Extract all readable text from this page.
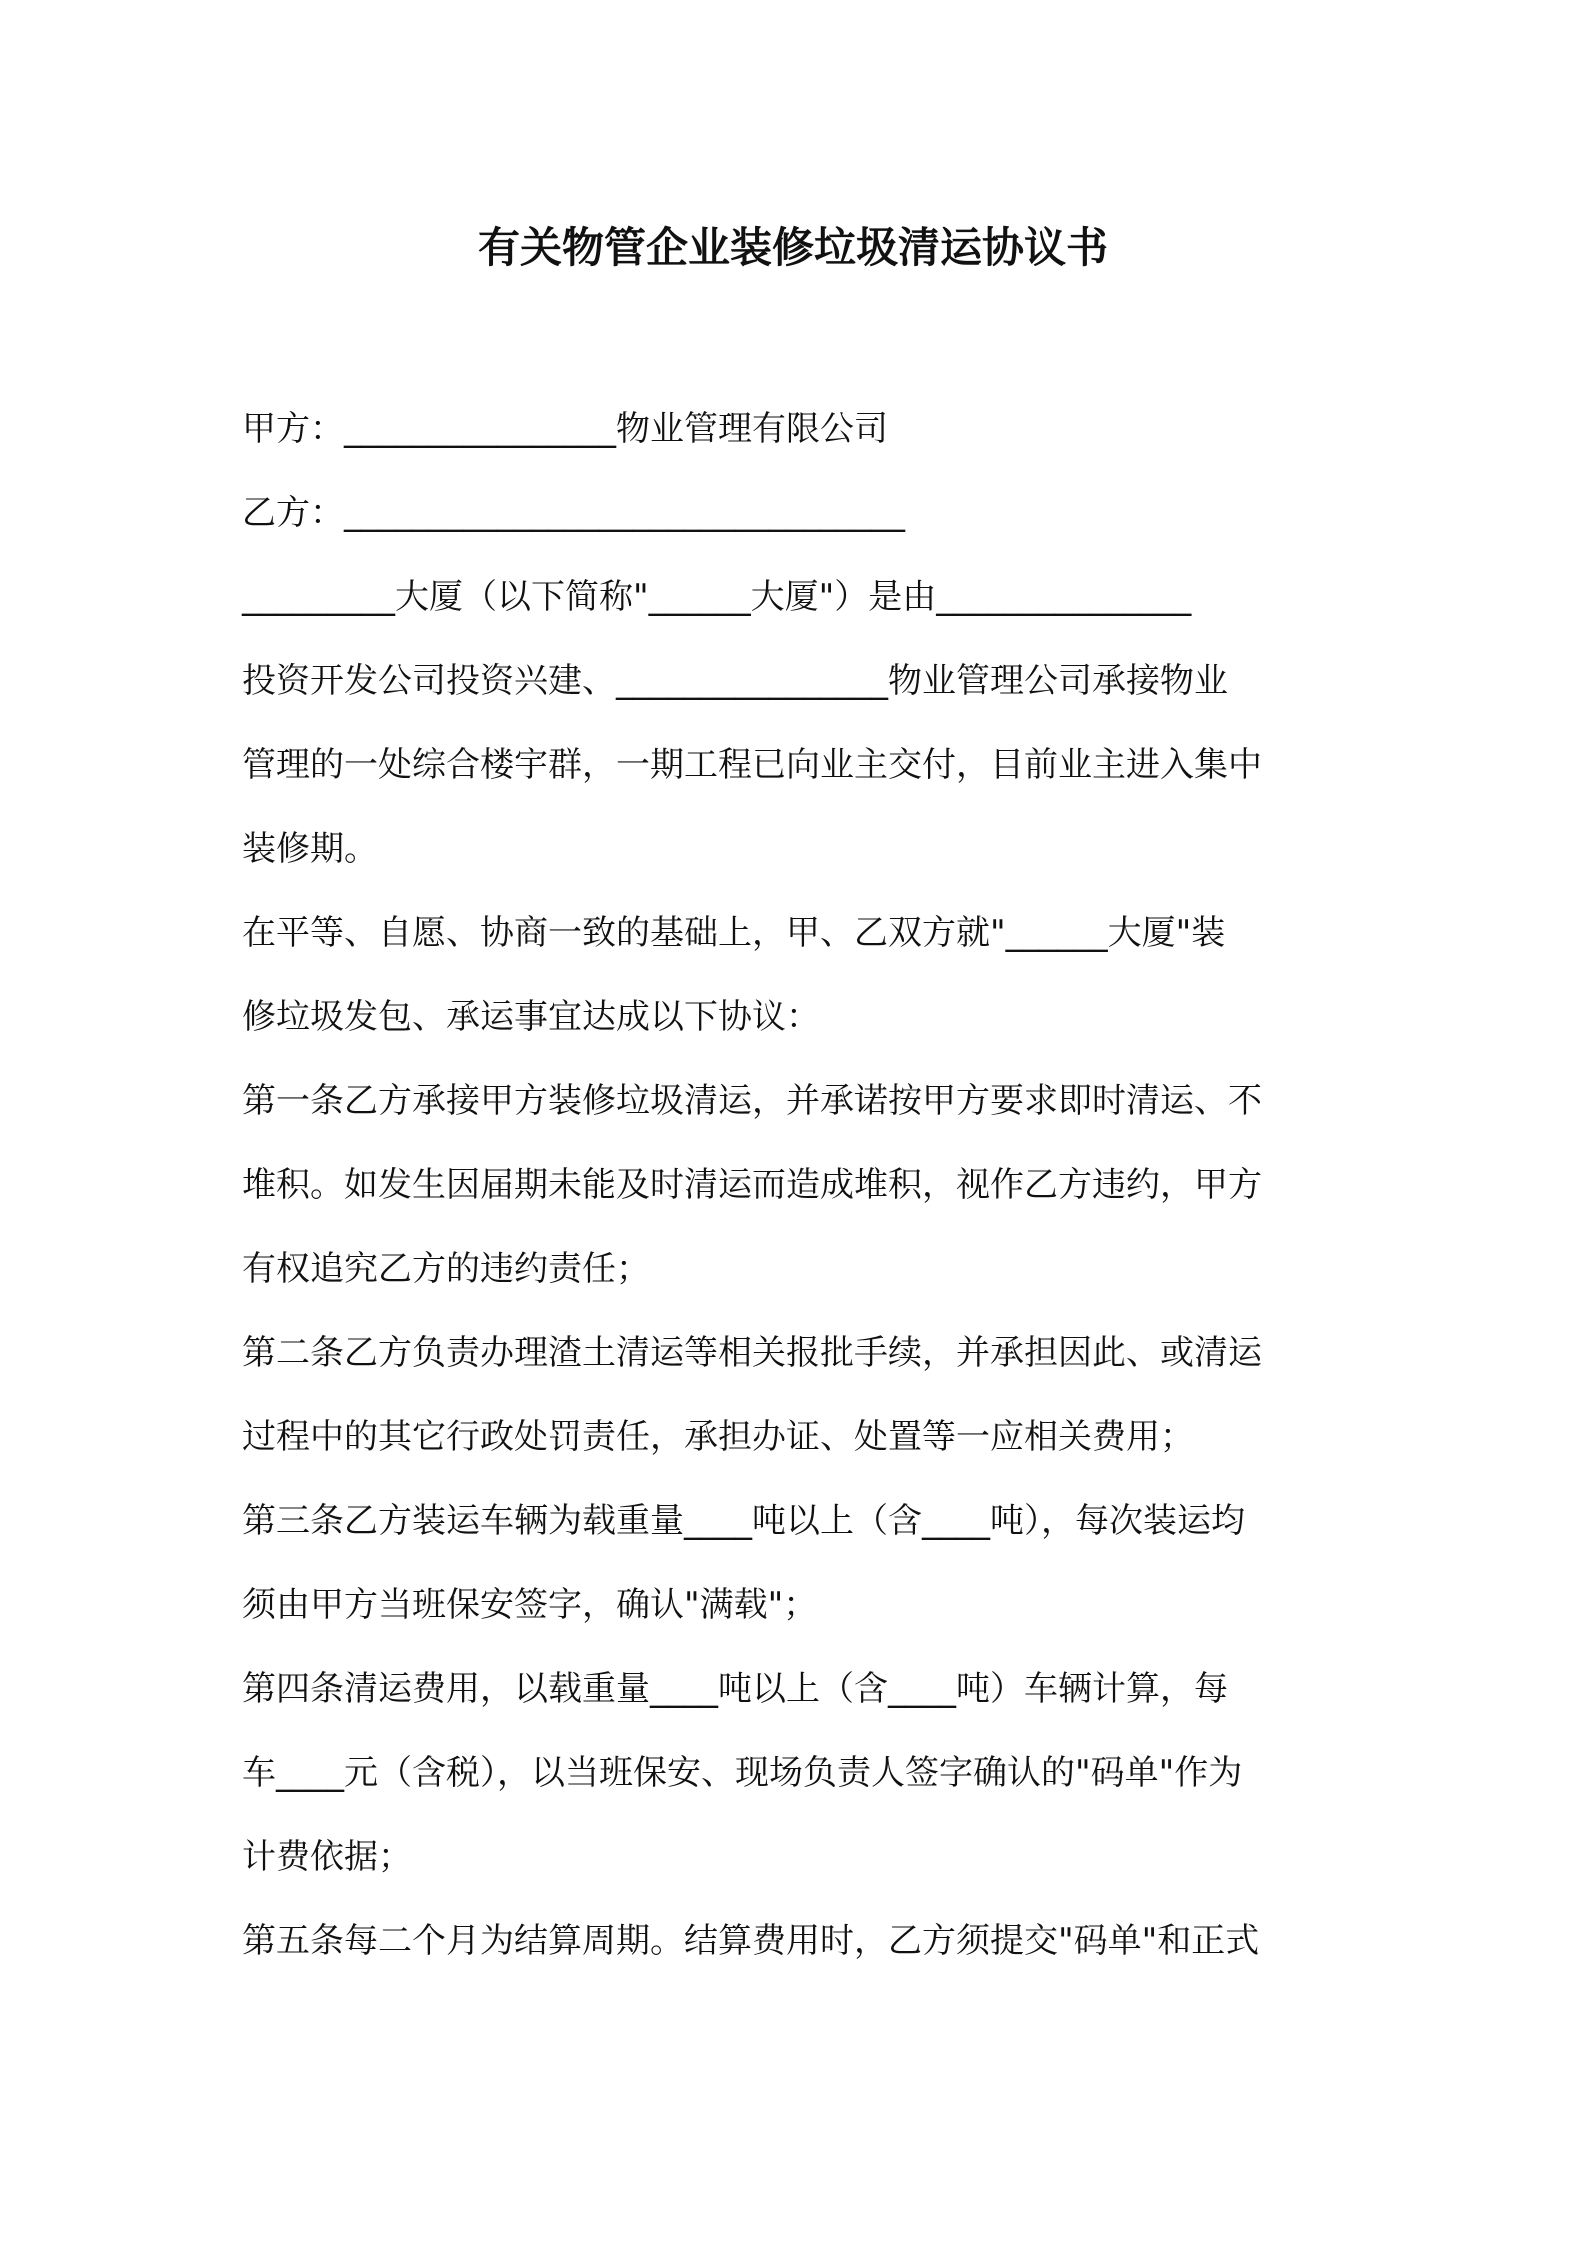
有关物管企业装修垃圾清运协议书
甲方：________________物业管理有限公司
乙方：_________________________________
_________大厦（以下简称"______大厦"）是由_______________
投资开发公司投资兴建、________________物业管理公司承接物业
管理的一处综合楼宇群，一期工程已向业主交付，目前业主进入集中
装修期。
在平等、自愿、协商一致的基础上，甲、乙双方就"______大厦"装
修垃圾发包、承运事宜达成以下协议：
第一条乙方承接甲方装修垃圾清运，并承诺按甲方要求即时清运、不
堆积。如发生因届期未能及时清运而造成堆积，视作乙方违约，甲方
有权追究乙方的违约责任；
第二条乙方负责办理渣土清运等相关报批手续，并承担因此、或清运
过程中的其它行政处罚责任，承担办证、处置等一应相关费用；
第三条乙方装运车辆为载重量____吨以上（含____吨），每次装运均
须由甲方当班保安签字，确认"满载"；
第四条清运费用，以载重量____吨以上（含____吨）车辆计算，每
车____元（含税），以当班保安、现场负责人签字确认的"码单"作为
计费依据；
第五条每二个月为结算周期。结算费用时，乙方须提交"码单"和正式
